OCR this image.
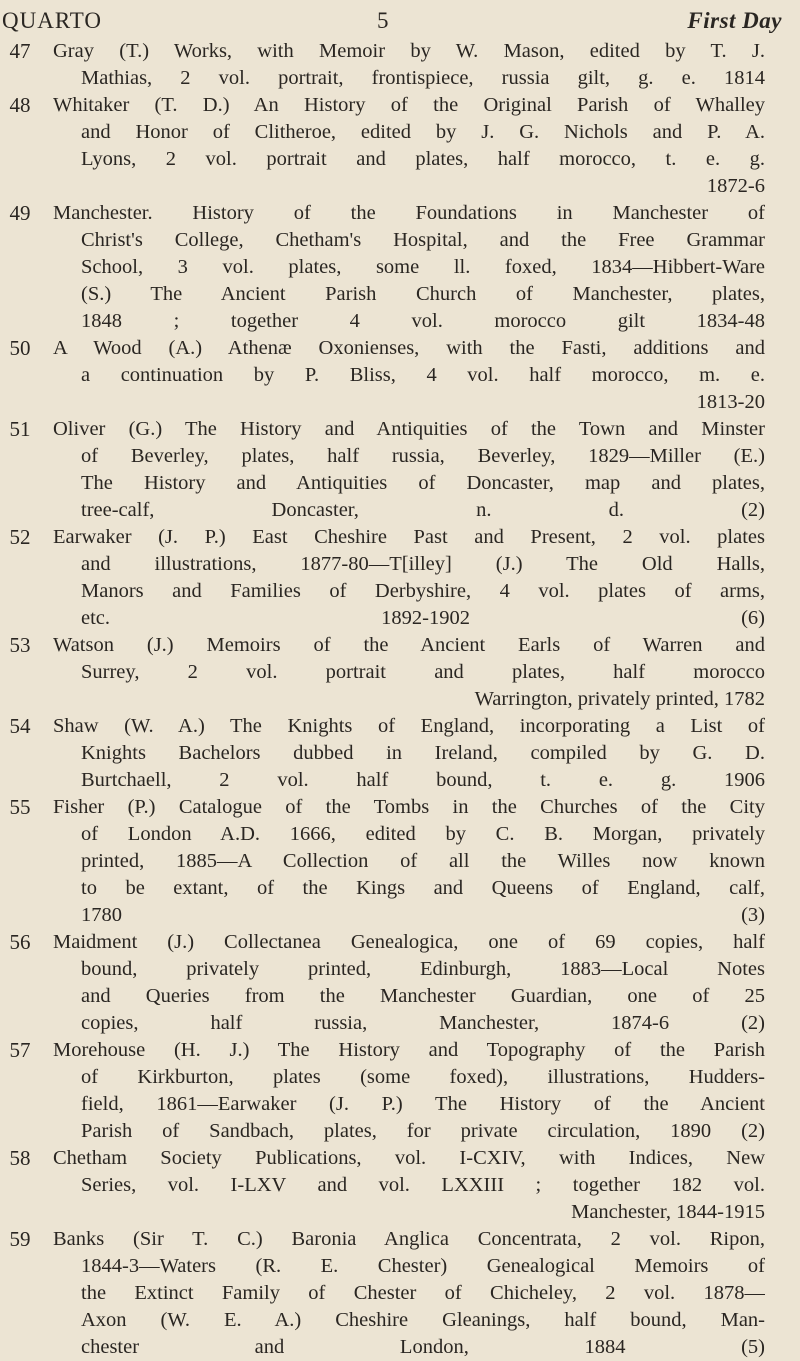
QUARTO	5	First Day
47	Gray (T.) Works, with Memoir by W. Mason, edited by T. J.
Mathias, 2 vol. portrait, frontispiece, russia gilt, g. e. 1814
48	Whitaker (T. D.) An History of the Original Parish of Whalley
and Honor of Clitheroe, edited by J. G. Nichols and P. A.
Lyons, 2 vol. portrait and plates, half morocco, t. e. g.
1872-6
49	Manchester. History of the Foundations in Manchester of
Christ's College, Chetham's Hospital, and the Free Grammar
School, 3 vol. plates, some ll. foxed, 1834—Hibbert-Ware
(S.) The Ancient Parish Church of Manchester, plates,
1848 ; together 4 vol. morocco gilt 1834-48
50	A Wood (A.) Athenæ Oxonienses, with the Fasti, additions and
a continuation by P. Bliss, 4 vol. half morocco, m. e.
1813-20
51	Oliver (G.) The History and Antiquities of the Town and Minster
of Beverley, plates, half russia, Beverley, 1829—Miller (E.)
The History and Antiquities of Doncaster, map and plates,
tree-calf, Doncaster, n. d. (2)
52	Earwaker (J. P.) East Cheshire Past and Present, 2 vol. plates
and illustrations, 1877-80—T[illey] (J.) The Old Halls,
Manors and Families of Derbyshire, 4 vol. plates of arms,
etc. 1892-1902 (6)
53	Watson (J.) Memoirs of the Ancient Earls of Warren and
Surrey, 2 vol. portrait and plates, half morocco
Warrington, privately printed, 1782
54	Shaw (W. A.) The Knights of England, incorporating a List of
Knights Bachelors dubbed in Ireland, compiled by G. D.
Burtchaell, 2 vol. half bound, t. e. g. 1906
55	Fisher (P.) Catalogue of the Tombs in the Churches of the City
of London A.D. 1666, edited by C. B. Morgan, privately
printed, 1885—A Collection of all the Willes now known
to be extant, of the Kings and Queens of England, calf,
1780 (3)
56	Maidment (J.) Collectanea Genealogica, one of 69 copies, half
bound, privately printed, Edinburgh, 1883—Local Notes
and Queries from the Manchester Guardian, one of 25
copies, half russia, Manchester, 1874-6 (2)
57	Morehouse (H. J.) The History and Topography of the Parish
of Kirkburton, plates (some foxed), illustrations, Hudders-
field, 1861—Earwaker (J. P.) The History of the Ancient
Parish of Sandbach, plates, for private circulation, 1890 (2)
58	Chetham Society Publications, vol. I-CXIV, with Indices, New
Series, vol. I-LXV and vol. LXXIII ; together 182 vol.
Manchester, 1844-1915
59	Banks (Sir T. C.) Baronia Anglica Concentrata, 2 vol. Ripon,
1844-3—Waters (R. E. Chester) Genealogical Memoirs of
the Extinct Family of Chester of Chicheley, 2 vol. 1878—
Axon (W. E. A.) Cheshire Gleanings, half bound, Man-
chester and London, 1884 (5)
